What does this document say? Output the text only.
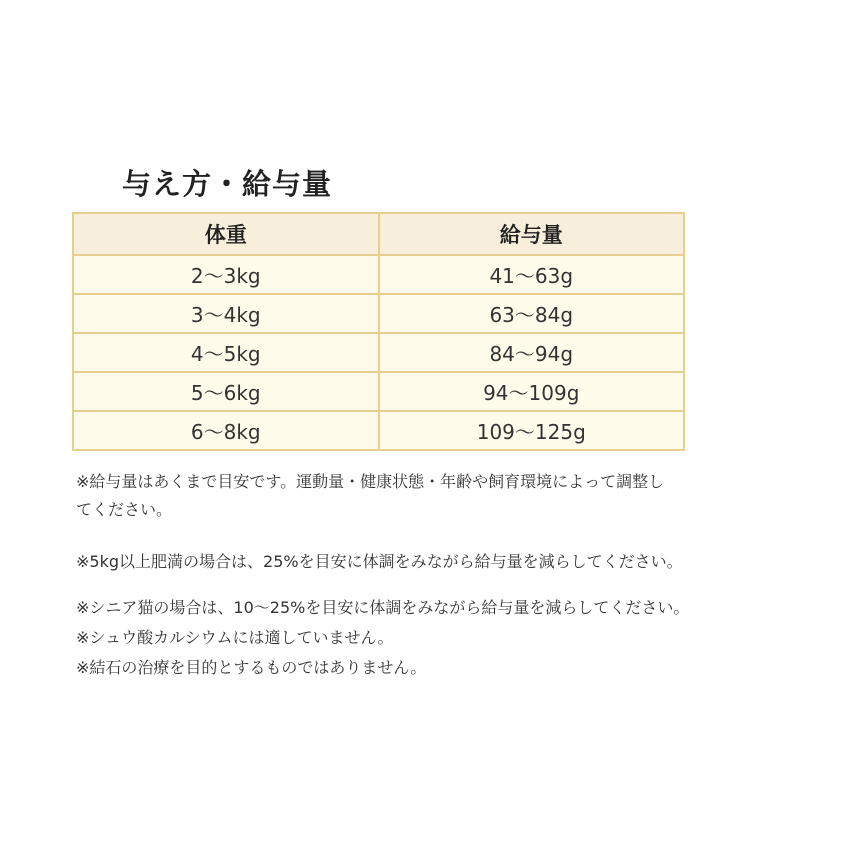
与え方・給与量
体重	給与量
2〜3kg	41〜63g
3〜4kg	63〜84g
4〜5kg	84〜94g
5〜6kg	94〜109g
6〜8kg	109〜125g

※給与量はあくまで目安です。運動量・健康状態・年齢や飼育環境によって調整してください。

※5kg以上肥満の場合は、25%を目安に体調をみながら給与量を減らしてください。

※シニア猫の場合は、10〜25%を目安に体調をみながら給与量を減らしてください。

※シュウ酸カルシウムには適していません。

※結石の治療を目的とするものではありません。
